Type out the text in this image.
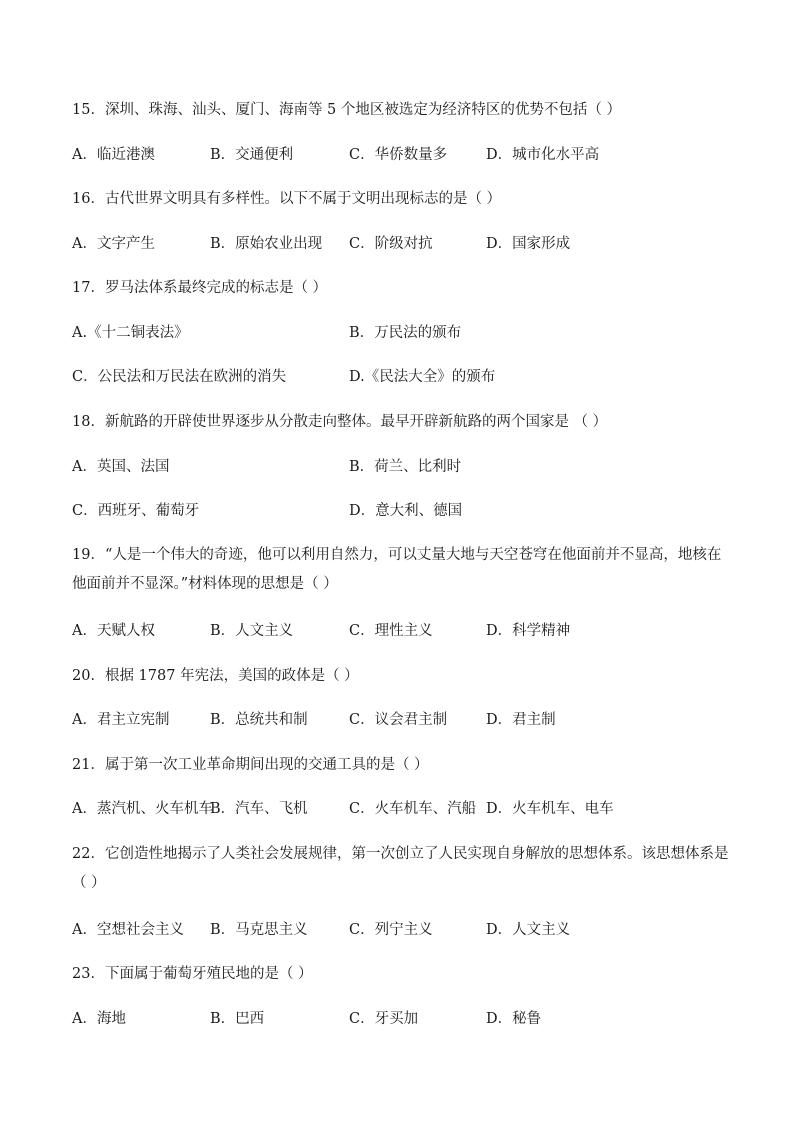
15．深圳、珠海、汕头、厦门、海南等 5 个地区被选定为经济特区的优势不包括（ ）
A．临近港澳	B．交通便利	C．华侨数量多	D．城市化水平高
16．古代世界文明具有多样性。以下不属于文明出现标志的是（ ）
A．文字产生	B．原始农业出现 C．阶级对抗	D．国家形成
17．罗马法体系最终完成的标志是（ ）
A.《十二铜表法》	B．万民法的颁布
C．公民法和万民法在欧洲的消失	D.《民法大全》的颁布
18．新航路的开辟使世界逐步从分散走向整体。最早开辟新航路的两个国家是 （ ）
A．英国、法国	B．荷兰、比利时
C．西班牙、葡萄牙	D．意大利、德国
19．“人是一个伟大的奇迹，他可以利用自然力，可以丈量大地与天空苍穹在他面前并不显高，地核在他面前并不显深。”材料体现的思想是（ ）
A．天赋人权	B．人文主义	C．理性主义	D．科学精神
20．根据 1787 年宪法，美国的政体是（ ）
A．君主立宪制	B．总统共和制	C．议会君主制	D．君主制
21．属于第一次工业革命期间出现的交通工具的是（ ）
A．蒸汽机、火车机车
B．汽车、飞机	C．火车机车、汽船 D．火车机车、电车
22．它创造性地揭示了人类社会发展规律，第一次创立了人民实现自身解放的思想体系。该思想体系是（ ）
A．空想社会主义 B．马克思主义	C．列宁主义	D．人文主义
23．下面属于葡萄牙殖民地的是（ ）
A．海地	B．巴西	C．牙买加	D．秘鲁
